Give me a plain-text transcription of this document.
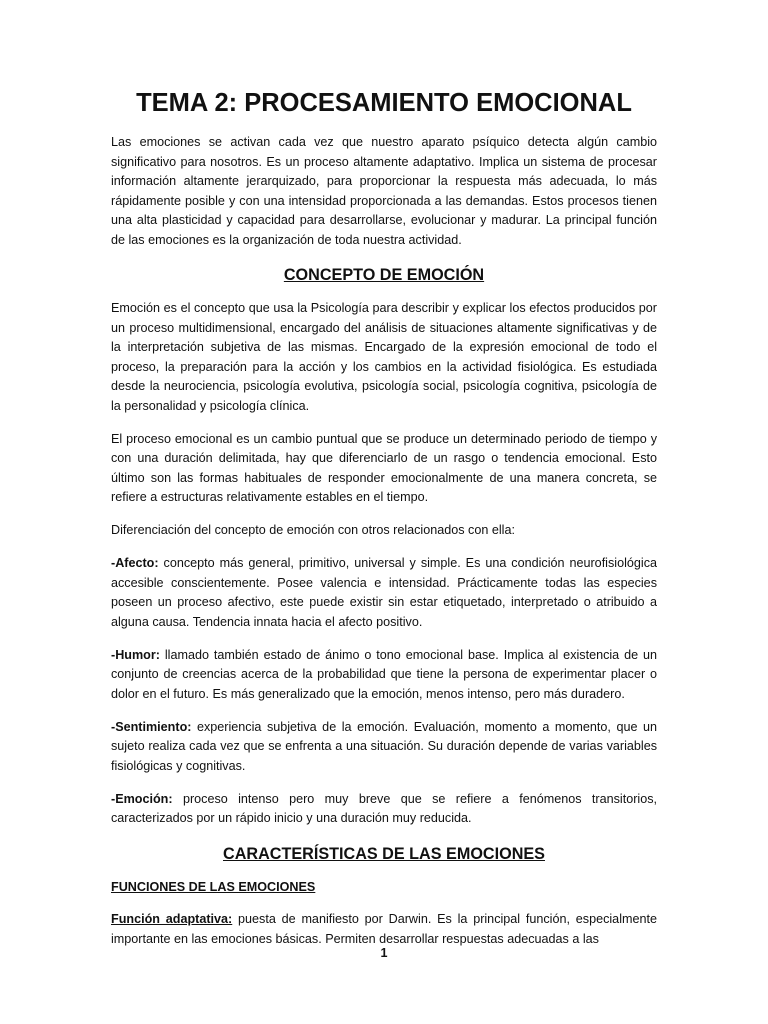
TEMA 2: PROCESAMIENTO EMOCIONAL

Las emociones se activan cada vez que nuestro aparato psíquico detecta algún cambio significativo para nosotros. Es un proceso altamente adaptativo. Implica un sistema de procesar información altamente jerarquizado, para proporcionar la respuesta más adecuada, lo más rápidamente posible y con una intensidad proporcionada a las demandas. Estos procesos tienen una alta plasticidad y capacidad para desarrollarse, evolucionar y madurar. La principal función de las emociones es la organización de toda nuestra actividad.

CONCEPTO DE EMOCIÓN

Emoción es el concepto que usa la Psicología para describir y explicar los efectos producidos por un proceso multidimensional, encargado del análisis de situaciones altamente significativas y de la interpretación subjetiva de las mismas. Encargado de la expresión emocional de todo el proceso, la preparación para la acción y los cambios en la actividad fisiológica. Es estudiada desde la neurociencia, psicología evolutiva, psicología social, psicología cognitiva, psicología de la personalidad y psicología clínica.

El proceso emocional es un cambio puntual que se produce un determinado periodo de tiempo y con una duración delimitada, hay que diferenciarlo de un rasgo o tendencia emocional. Esto último son las formas habituales de responder emocionalmente de una manera concreta, se refiere a estructuras relativamente estables en el tiempo.

Diferenciación del concepto de emoción con otros relacionados con ella:

-Afecto: concepto más general, primitivo, universal y simple. Es una condición neurofisiológica accesible conscientemente. Posee valencia e intensidad. Prácticamente todas las especies poseen un proceso afectivo, este puede existir sin estar etiquetado, interpretado o atribuido a alguna causa. Tendencia innata hacia el afecto positivo.

-Humor: llamado también estado de ánimo o tono emocional base. Implica al existencia de un conjunto de creencias acerca de la probabilidad que tiene la persona de experimentar placer o dolor en el futuro. Es más generalizado que la emoción, menos intenso, pero más duradero.

-Sentimiento: experiencia subjetiva de la emoción. Evaluación, momento a momento, que un sujeto realiza cada vez que se enfrenta a una situación. Su duración depende de varias variables fisiológicas y cognitivas.

-Emoción: proceso intenso pero muy breve que se refiere a fenómenos transitorios, caracterizados por un rápido inicio y una duración muy reducida.

CARACTERÍSTICAS DE LAS EMOCIONES
FUNCIONES DE LAS EMOCIONES

Función adaptativa: puesta de manifiesto por Darwin. Es la principal función, especialmente importante en las emociones básicas. Permiten desarrollar respuestas adecuadas a las

1
